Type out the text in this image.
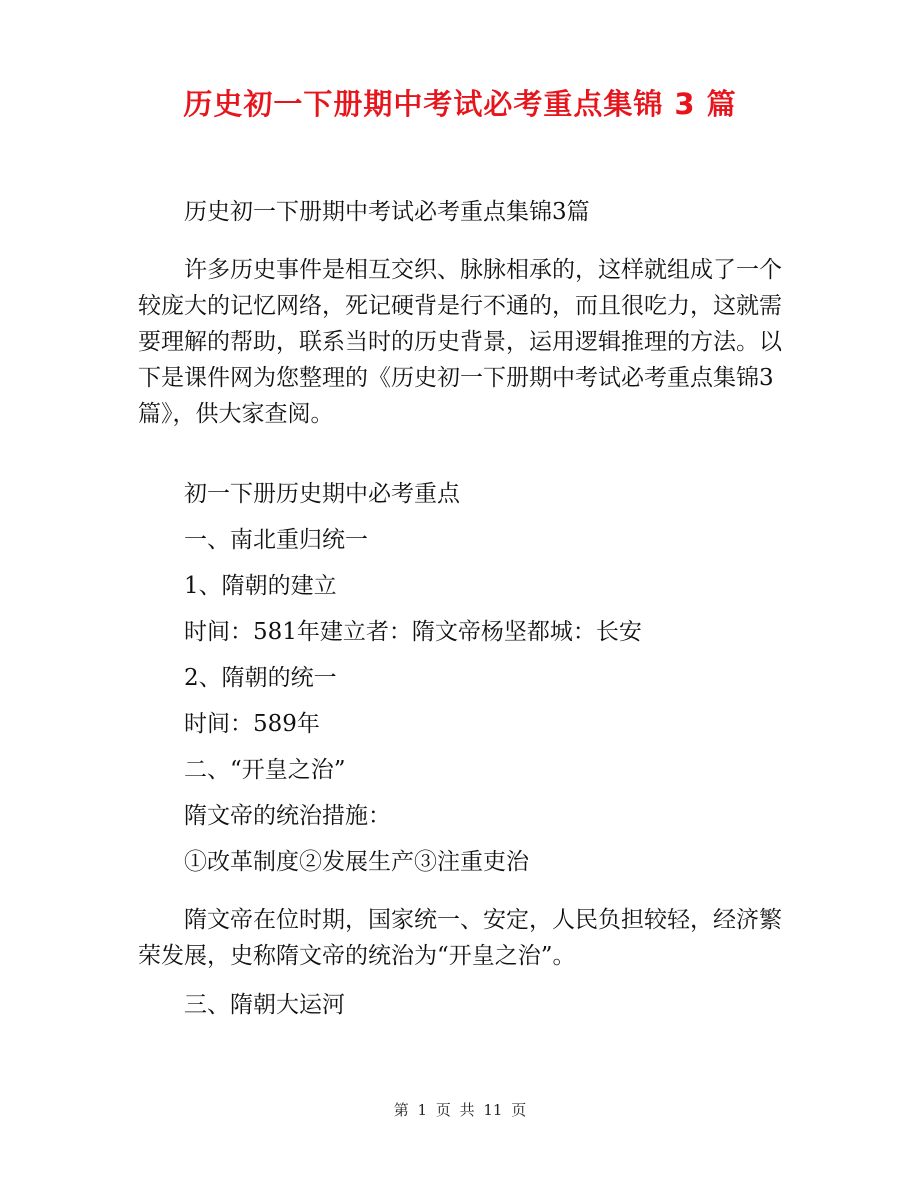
历史初一下册期中考试必考重点集锦 3 篇

历史初一下册期中考试必考重点集锦3篇

许多历史事件是相互交织、脉脉相承的，这样就组成了一个较庞大的记忆网络，死记硬背是行不通的，而且很吃力，这就需要理解的帮助，联系当时的历史背景，运用逻辑推理的方法。以下是课件网为您整理的《历史初一下册期中考试必考重点集锦3篇》，供大家查阅。

初一下册历史期中必考重点

一、南北重归统一

1、隋朝的建立

时间：581年建立者：隋文帝杨坚都城：长安

2、隋朝的统一

时间：589年

二、“开皇之治”

隋文帝的统治措施：

①改革制度②发展生产③注重吏治

隋文帝在位时期，国家统一、安定，人民负担较轻，经济繁荣发展，史称隋文帝的统治为“开皇之治”。

三、隋朝大运河

第 1 页 共 11 页
